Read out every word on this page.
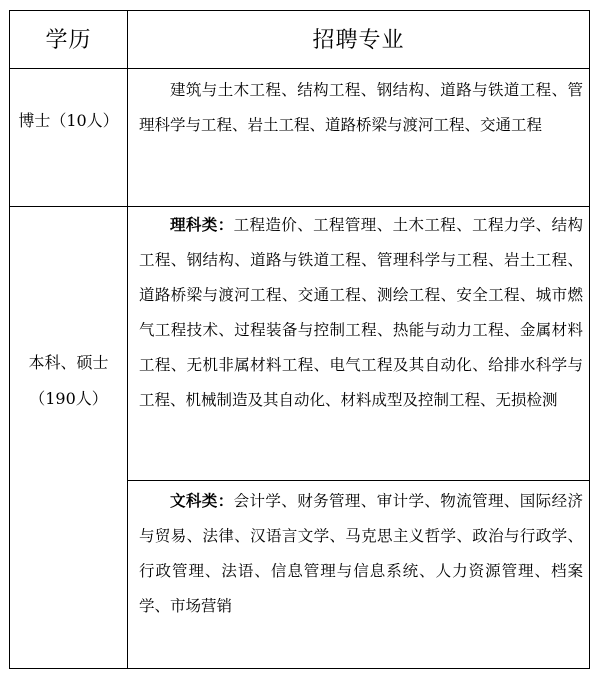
学历	招聘专业
博士（10人）
建筑与土木工程、结构工程、钢结构、道路与铁道工程、管理科学与工程、岩土工程、道路桥梁与渡河工程、交通工程
本科、硕士
（190人）
理科类：工程造价、工程管理、土木工程、工程力学、结构工程、钢结构、道路与铁道工程、管理科学与工程、岩土工程、道路桥梁与渡河工程、交通工程、测绘工程、安全工程、城市燃气工程技术、过程装备与控制工程、热能与动力工程、金属材料工程、无机非属材料工程、电气工程及其自动化、给排水科学与工程、机械制造及其自动化、材料成型及控制工程、无损检测
文科类：会计学、财务管理、审计学、物流管理、国际经济与贸易、法律、汉语言文学、马克思主义哲学、政治与行政学、行政管理、法语、信息管理与信息系统、人力资源管理、档案学、市场营销
